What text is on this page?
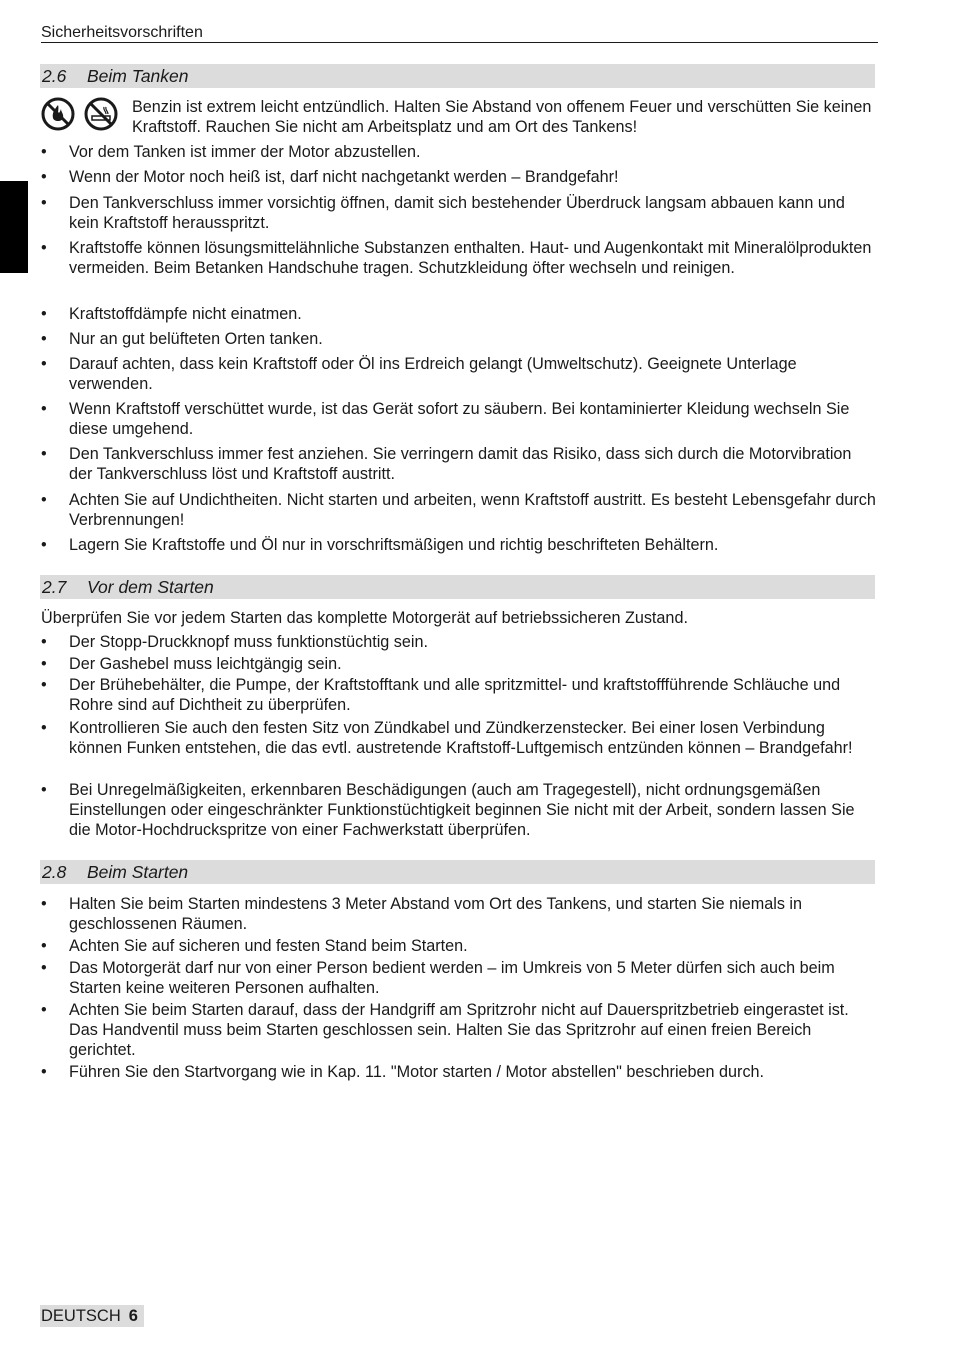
Sicherheitsvorschriften
2.6 Beim Tanken
Benzin ist extrem leicht entzündlich. Halten Sie Abstand von offenem Feuer und verschütten Sie keinen Kraftstoff. Rauchen Sie nicht am Arbeitsplatz und am Ort des Tankens!
•	Vor dem Tanken ist immer der Motor abzustellen.
•	Wenn der Motor noch heiß ist, darf nicht nachgetankt werden – Brandgefahr!
•	Den Tankverschluss immer vorsichtig öffnen, damit sich bestehender Überdruck langsam abbauen kann und kein Kraftstoff herausspritzt.
•	Kraftstoffe können lösungsmittelähnliche Substanzen enthalten. Haut- und Augenkontakt mit Mineralölprodukten vermeiden. Beim Betanken Handschuhe tragen. Schutzkleidung öfter wechseln und reinigen.
•	Kraftstoffdämpfe nicht einatmen.
•	Nur an gut belüfteten Orten tanken.
•	Darauf achten, dass kein Kraftstoff oder Öl ins Erdreich gelangt (Umweltschutz). Geeignete Unterlage verwenden.
•	Wenn Kraftstoff verschüttet wurde, ist das Gerät sofort zu säubern. Bei kontaminierter Kleidung wechseln Sie diese umgehend.
•	Den Tankverschluss immer fest anziehen. Sie verringern damit das Risiko, dass sich durch die Motorvibration der Tankverschluss löst und Kraftstoff austritt.
•	Achten Sie auf Undichtheiten. Nicht starten und arbeiten, wenn Kraftstoff austritt. Es besteht Lebensgefahr durch Verbrennungen!
•	Lagern Sie Kraftstoffe und Öl nur in vorschriftsmäßigen und richtig beschrifteten Behältern.
2.7 Vor dem Starten
Überprüfen Sie vor jedem Starten das komplette Motorgerät auf betriebssicheren Zustand.
•	Der Stopp-Druckknopf muss funktionstüchtig sein.
•	Der Gashebel muss leichtgängig sein.
•	Der Brühebehälter, die Pumpe, der Kraftstofftank und alle spritzmittel- und kraftstoffführende Schläuche und Rohre sind auf Dichtheit zu überprüfen.
•	Kontrollieren Sie auch den festen Sitz von Zündkabel und Zündkerzenstecker. Bei einer losen Verbindung können Funken entstehen, die das evtl. austretende Kraftstoff-Luftgemisch entzünden können – Brandgefahr!
•	Bei Unregelmäßigkeiten, erkennbaren Beschädigungen (auch am Tragegestell), nicht ordnungsgemäßen Einstellungen oder eingeschränkter Funktionstüchtigkeit beginnen Sie nicht mit der Arbeit, sondern lassen Sie die Motor-Hochdruckspritze von einer Fachwerkstatt überprüfen.
2.8 Beim Starten
•	Halten Sie beim Starten mindestens 3 Meter Abstand vom Ort des Tankens, und starten Sie niemals in geschlossenen Räumen.
•	Achten Sie auf sicheren und festen Stand beim Starten.
•	Das Motorgerät darf nur von einer Person bedient werden – im Umkreis von 5 Meter dürfen sich auch beim Starten keine weiteren Personen aufhalten.
•	Achten Sie beim Starten darauf, dass der Handgriff am Spritzrohr nicht auf Dauerspritzbetrieb eingerastet ist. Das Handventil muss beim Starten geschlossen sein. Halten Sie das Spritzrohr auf einen freien Bereich gerichtet.
•	Führen Sie den Startvorgang wie in Kap. 11. "Motor starten / Motor abstellen" beschrieben durch.
DEUTSCH 6
